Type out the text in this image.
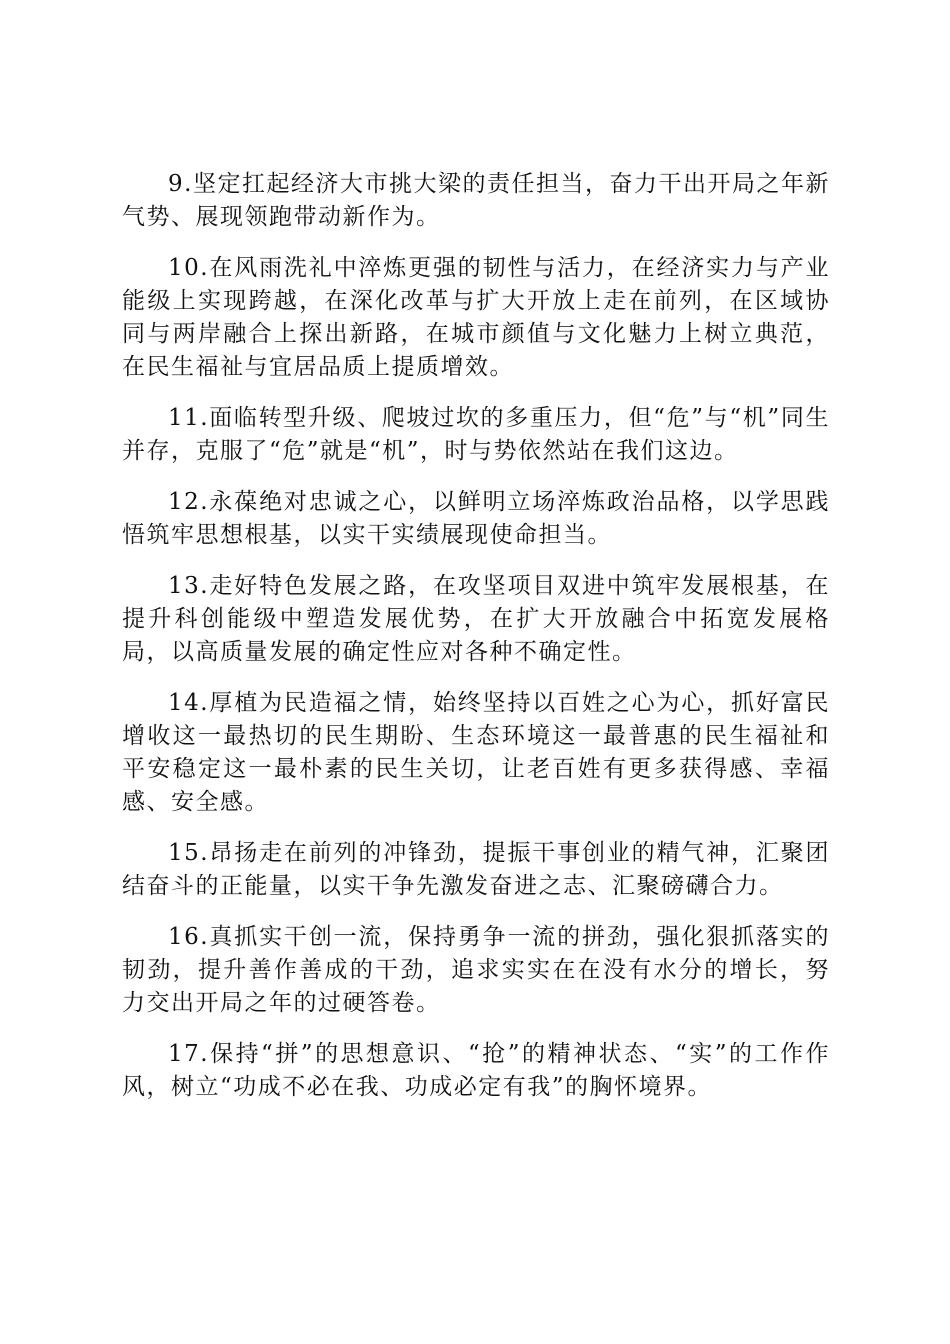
9.坚定扛起经济大市挑大梁的责任担当，奋力干出开局之年新气势、展现领跑带动新作为。

10.在风雨洗礼中淬炼更强的韧性与活力，在经济实力与产业能级上实现跨越，在深化改革与扩大开放上走在前列，在区域协同与两岸融合上探出新路，在城市颜值与文化魅力上树立典范，在民生福祉与宜居品质上提质增效。

11.面临转型升级、爬坡过坎的多重压力，但“危”与“机”同生并存，克服了“危”就是“机”，时与势依然站在我们这边。

12.永葆绝对忠诚之心，以鲜明立场淬炼政治品格，以学思践悟筑牢思想根基，以实干实绩展现使命担当。

13.走好特色发展之路，在攻坚项目双进中筑牢发展根基，在提升科创能级中塑造发展优势，在扩大开放融合中拓宽发展格局，以高质量发展的确定性应对各种不确定性。

14.厚植为民造福之情，始终坚持以百姓之心为心，抓好富民增收这一最热切的民生期盼、生态环境这一最普惠的民生福祉和平安稳定这一最朴素的民生关切，让老百姓有更多获得感、幸福感、安全感。

15.昂扬走在前列的冲锋劲，提振干事创业的精气神，汇聚团结奋斗的正能量，以实干争先激发奋进之志、汇聚磅礴合力。

16.真抓实干创一流，保持勇争一流的拼劲，强化狠抓落实的韧劲，提升善作善成的干劲，追求实实在在没有水分的增长，努力交出开局之年的过硬答卷。

17.保持“拼”的思想意识、“抢”的精神状态、“实”的工作作风，树立“功成不必在我、功成必定有我”的胸怀境界。
